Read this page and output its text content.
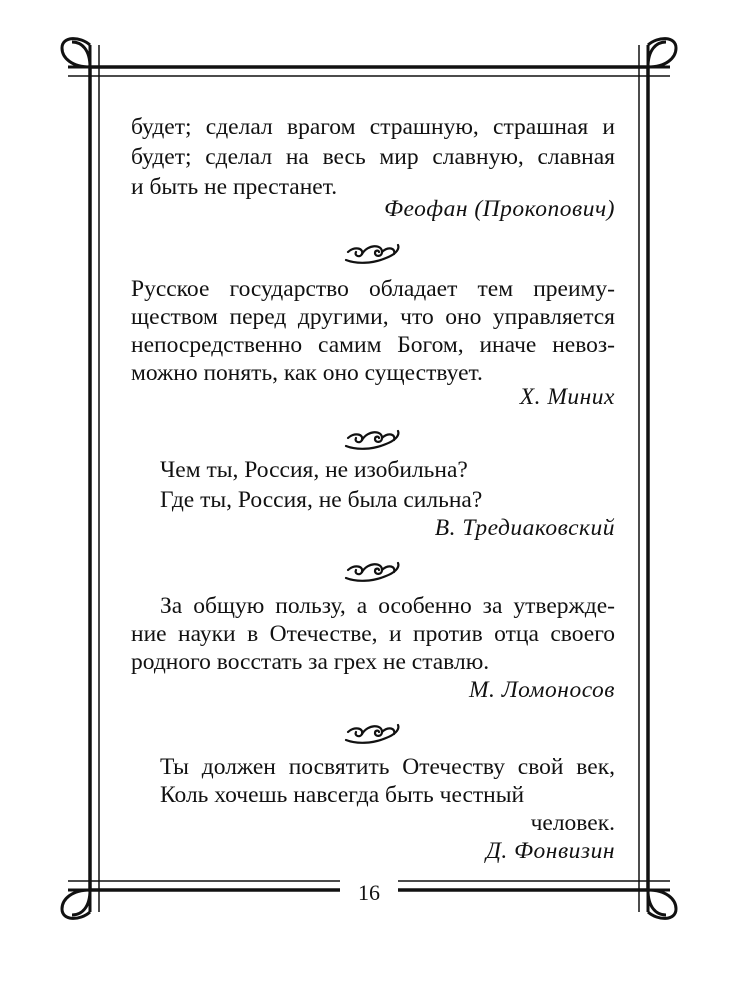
будет; сделал врагом страшную, страшная и
будет; сделал на весь мир славную, славная
и быть не престанет.
Феофан (Прокопович)
Русское государство обладает тем преиму-
ществом перед другими, что оно управляется
непосредственно самим Богом, иначе невоз-
можно понять, как оно существует.
Х. Миних
Чем ты, Россия, не изобильна?
Где ты, Россия, не была сильна?
В. Тредиаковский
За общую пользу, а особенно за утвержде-
ние науки в Отечестве, и против отца своего
родного восстать за грех не ставлю.
М. Ломоносов
Ты должен посвятить Отечеству свой век,
Коль хочешь навсегда быть честный
человек.
Д. Фонвизин
16
